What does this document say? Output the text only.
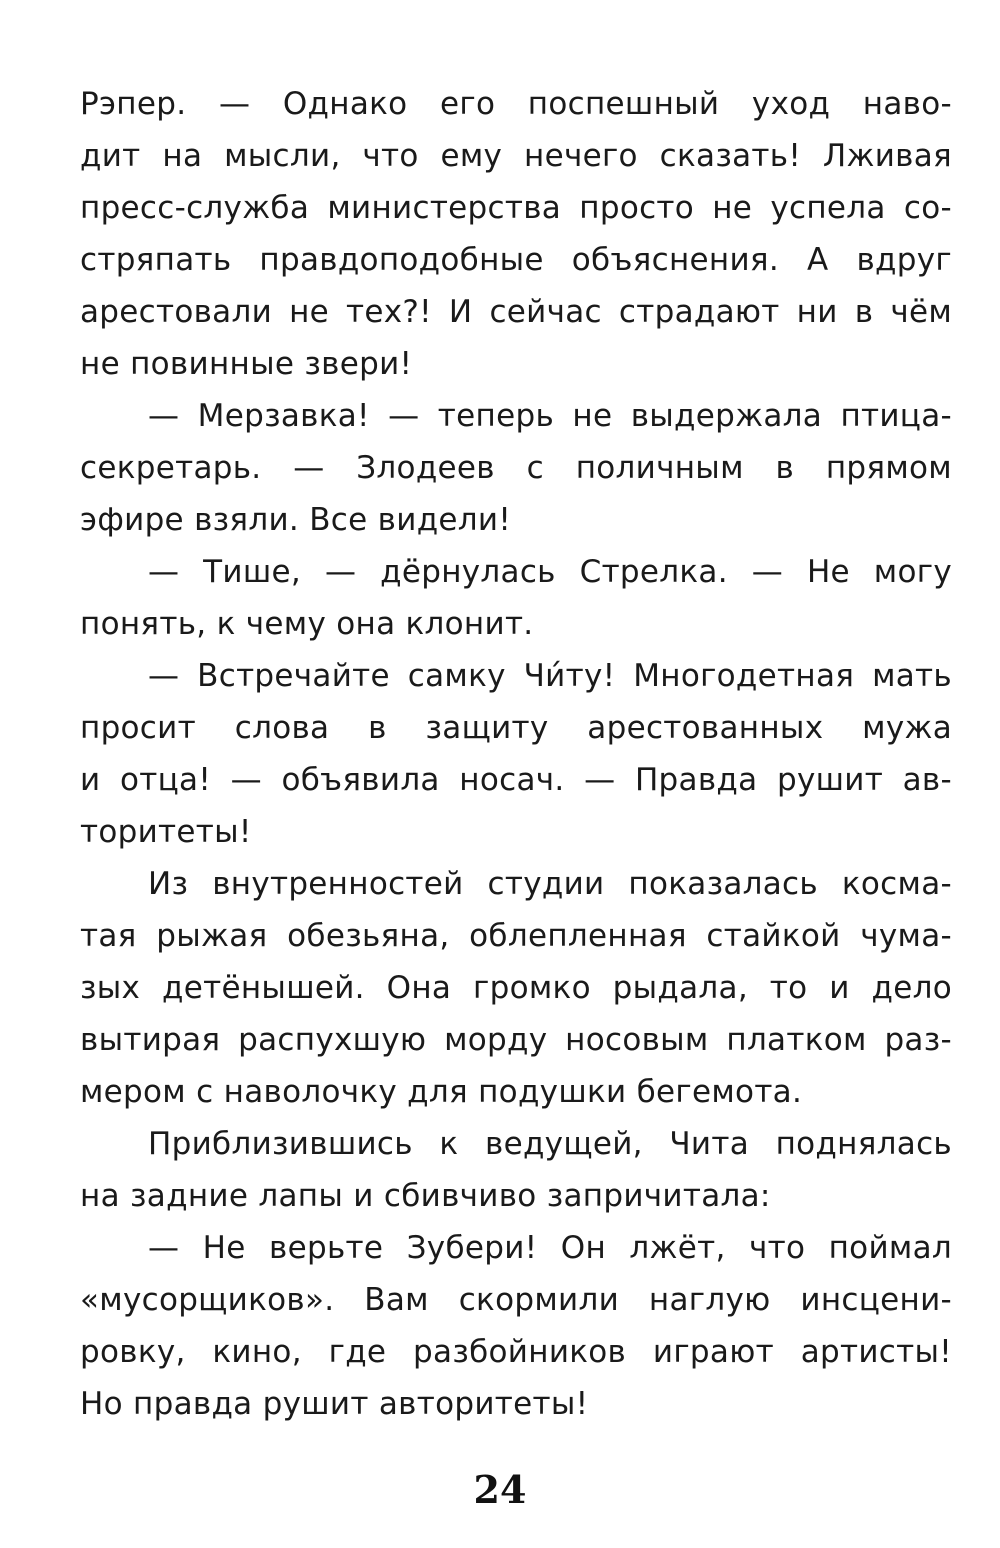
Рэпер. — Однако его поспешный уход наво-
дит на мысли, что ему нечего сказать! Лживая
пресс-служба министерства просто не успела со-
стряпать правдоподобные объяснения. А вдруг
арестовали не тех?! И сейчас страдают ни в чём
не повинные звери!
— Мерзавка! — теперь не выдержала птица-
секретарь. — Злодеев с поличным в прямом
эфире взяли. Все видели!
— Тише, — дёрнулась Стрелка. — Не могу
понять, к чему она клонит.
— Встречайте самку Чи́ту! Многодетная мать
просит слова в защиту арестованных мужа
и отца! — объявила носач. — Правда рушит ав-
торитеты!
Из внутренностей студии показалась косма-
тая рыжая обезьяна, облепленная стайкой чума-
зых детёнышей. Она громко рыдала, то и дело
вытирая распухшую морду носовым платком раз-
мером с наволочку для подушки бегемота.
Приблизившись к ведущей, Чита поднялась
на задние лапы и сбивчиво запричитала:
— Не верьте Зубери! Он лжёт, что поймал
«мусорщиков». Вам скормили наглую инсцени-
ровку, кино, где разбойников играют артисты!
Но правда рушит авторитеты!
24
